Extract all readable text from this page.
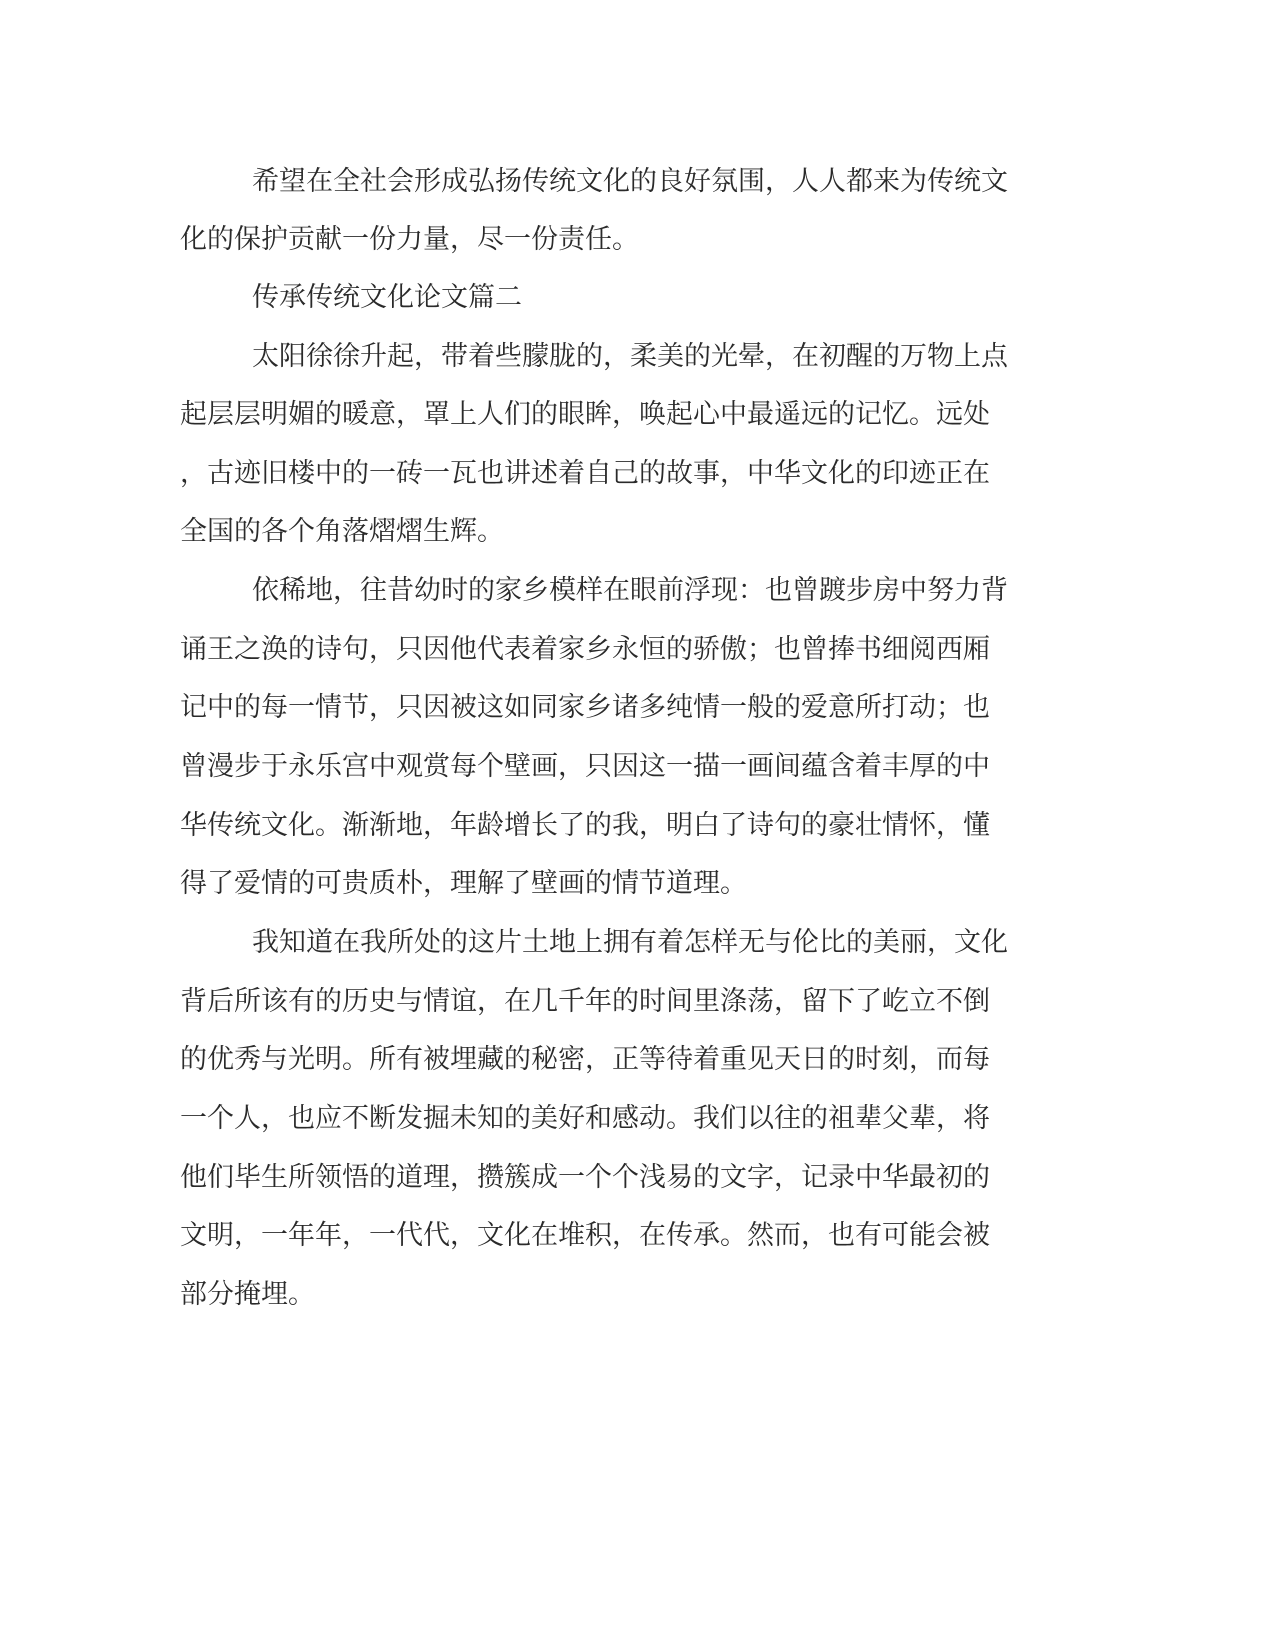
希望在全社会形成弘扬传统文化的良好氛围，人人都来为传统文

化的保护贡献一份力量，尽一份责任。

传承传统文化论文篇二

太阳徐徐升起，带着些朦胧的，柔美的光晕，在初醒的万物上点

起层层明媚的暖意，罩上人们的眼眸，唤起心中最遥远的记忆。远处

，古迹旧楼中的一砖一瓦也讲述着自己的故事，中华文化的印迹正在

全国的各个角落熠熠生辉。

依稀地，往昔幼时的家乡模样在眼前浮现：也曾踱步房中努力背

诵王之涣的诗句，只因他代表着家乡永恒的骄傲；也曾捧书细阅西厢

记中的每一情节，只因被这如同家乡诸多纯情一般的爱意所打动；也

曾漫步于永乐宫中观赏每个壁画，只因这一描一画间蕴含着丰厚的中

华传统文化。渐渐地，年龄增长了的我，明白了诗句的豪壮情怀，懂

得了爱情的可贵质朴，理解了壁画的情节道理。

我知道在我所处的这片土地上拥有着怎样无与伦比的美丽，文化

背后所该有的历史与情谊，在几千年的时间里涤荡，留下了屹立不倒

的优秀与光明。所有被埋藏的秘密，正等待着重见天日的时刻，而每

一个人，也应不断发掘未知的美好和感动。我们以往的祖辈父辈，将

他们毕生所领悟的道理，攒簇成一个个浅易的文字，记录中华最初的

文明，一年年，一代代，文化在堆积，在传承。然而，也有可能会被

部分掩埋。
